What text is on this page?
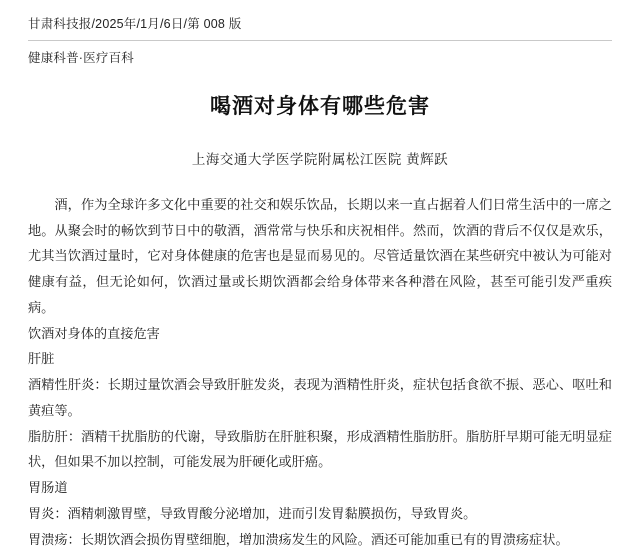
甘肃科技报/2025年/1月/6日/第 008 版
健康科普·医疗百科
喝酒对身体有哪些危害
上海交通大学医学院附属松江医院 黄辉跃

酒，作为全球许多文化中重要的社交和娱乐饮品，长期以来一直占据着人们日常生活中的一席之地。从聚会时的畅饮到节日中的敬酒，酒常常与快乐和庆祝相伴。然而，饮酒的背后不仅仅是欢乐，尤其当饮酒过量时，它对身体健康的危害也是显而易见的。尽管适量饮酒在某些研究中被认为可能对健康有益，但无论如何，饮酒过量或长期饮酒都会给身体带来各种潜在风险，甚至可能引发严重疾病。

饮酒对身体的直接危害

肝脏

酒精性肝炎：长期过量饮酒会导致肝脏发炎，表现为酒精性肝炎，症状包括食欲不振、恶心、呕吐和黄疸等。

脂肪肝：酒精干扰脂肪的代谢，导致脂肪在肝脏积聚，形成酒精性脂肪肝。脂肪肝早期可能无明显症状，但如果不加以控制，可能发展为肝硬化或肝癌。

胃肠道

胃炎：酒精刺激胃壁，导致胃酸分泌增加，进而引发胃黏膜损伤，导致胃炎。

胃溃疡：长期饮酒会损伤胃壁细胞，增加溃疡发生的风险。酒还可能加重已有的胃溃疡症状。
